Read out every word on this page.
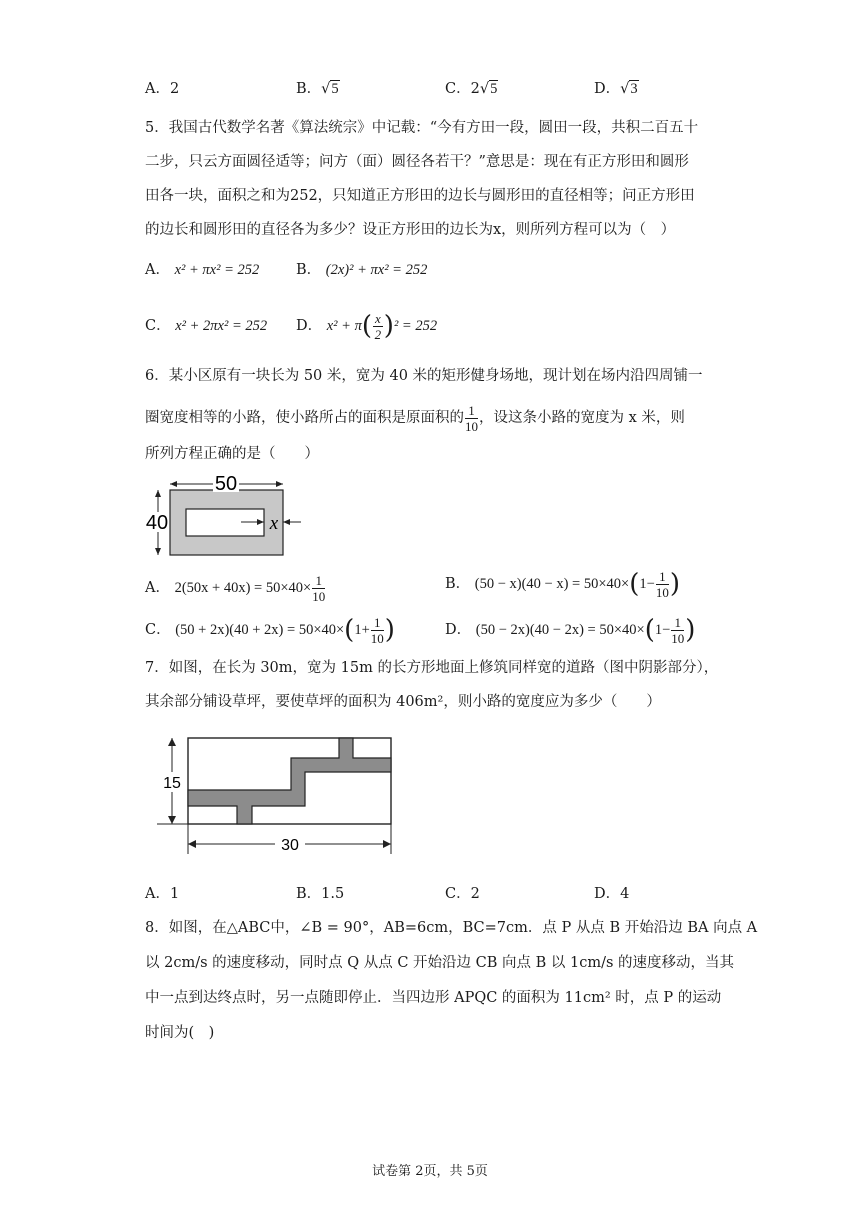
A．2	B．√5	C．2√5	D．√3
5．我国古代数学名著《算法统宗》中记载：“今有方田一段，圆田一段，共积二百五十
二步，只云方面圆径适等；问方（面）圆径各若干？”意思是：现在有正方形田和圆形
田各一块，面积之和为252，只知道正方形田的边长与圆形田的直径相等；问正方形田
的边长和圆形田的直径各为多少？设正方形田的边长为x，则所列方程可以为（　）
A． x² + πx² = 252	B． (2x)² + πx² = 252
C． x² + 2πx² = 252 D． $x^2 + \pi( \frac{x}{2} )^2 = 252$
6．某小区原有一块长为 50 米，宽为 40 米的矩形健身场地，现计划在场内沿四周铺一
圈宽度相等的小路，使小路所占的面积是原面积的 $\frac{1}{10}$ ，设这条小路的宽度为 x 米，则
所列方程正确的是（　　）
50
40	x
A． $2(50x + 40x) = 50\times 40\times \frac{1}{10}$	B． $(50 - x)(40 - x) = 50\times 40\times(1- \frac{1}{10}$ )
C． $(50 + 2x)(40 + 2x) = 50\times 40\times(1+ \frac{1}{10}$ )	D． $(50 - 2x)(40 - 2x) = 50\times 40\times(1- \frac{1}{10}$ )
7．如图，在长为 30m，宽为 15m 的长方形地面上修筑同样宽的道路（图中阴影部分），
其余部分铺设草坪，要使草坪的面积为 406m²，则小路的宽度应为多少（　　）
15
30
A．1	B．1.5	C．2	D．4
8．如图，在△ABC中，∠B = 90°，AB=6cm，BC=7cm．点 P 从点 B 开始沿边 BA 向点 A
以 2cm/s 的速度移动，同时点 Q 从点 C 开始沿边 CB 向点 B 以 1cm/s 的速度移动，当其
中一点到达终点时，另一点随即停止．当四边形 APQC 的面积为 11cm² 时，点 P 的运动
时间为(　)
试卷第 2页，共 5页
